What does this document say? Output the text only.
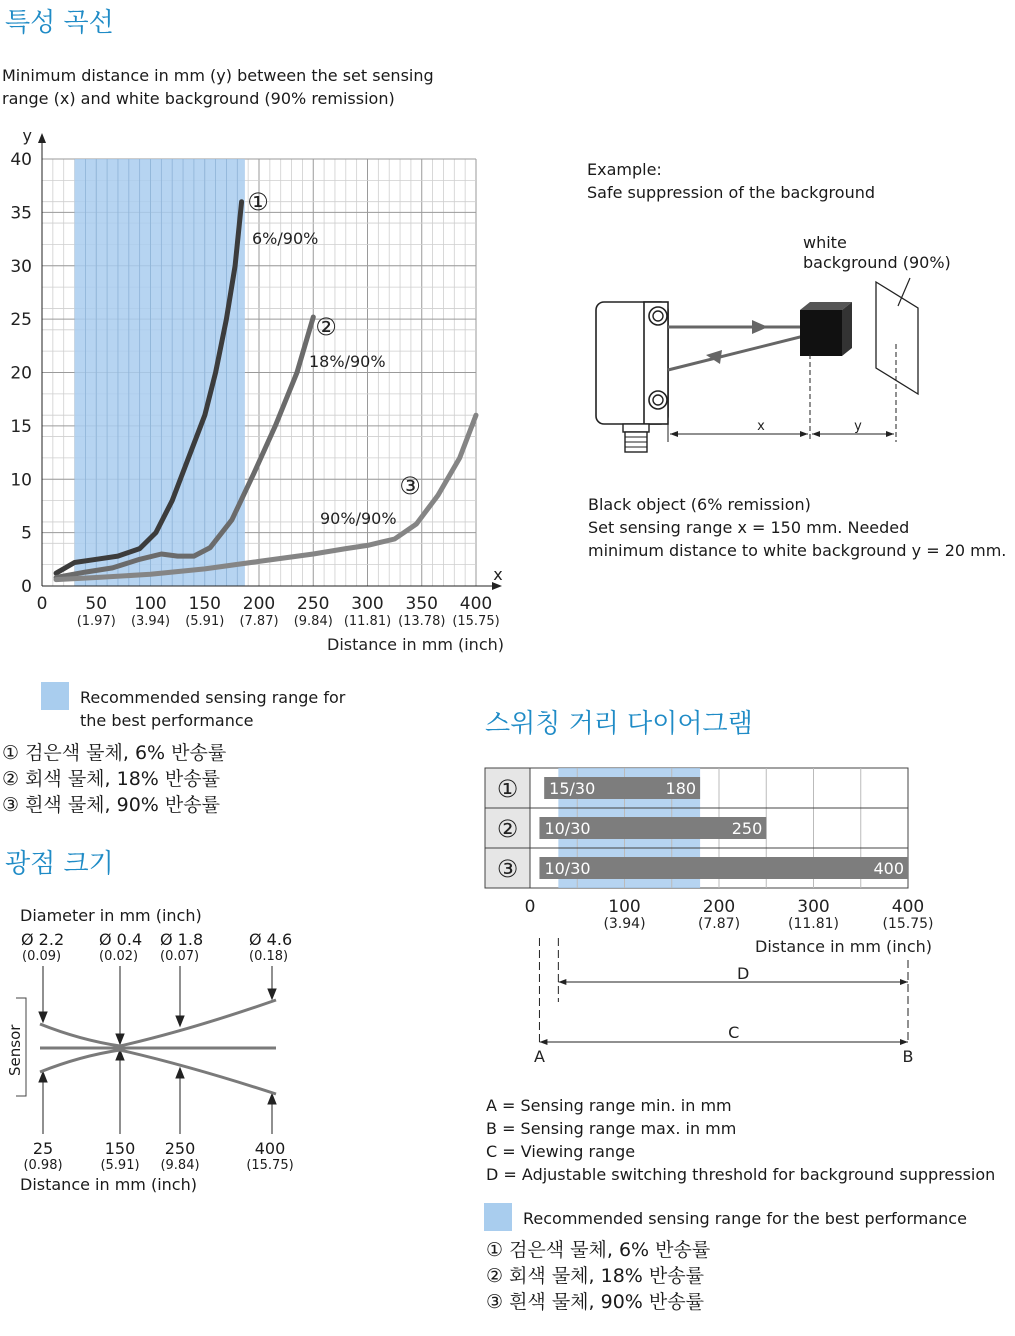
특성 곡선
스위칭 거리 다이어그램
광점 크기
Minimum distance in mm (y) between the set sensing range (x) and white background (90% remission)
y
x
0
5
10
15
20
25
30
35
40
0 50
(1.97)
100
(3.94)
150
(5.91)
200
(7.87)
250
(9.84)
300
(11.81)
350
(13.78)
400
(15.75)
Distance in mm (inch)
①
6%/90%
②
18%/90%
③
90%/90%
Recommended sensing range for the best performance
① 검은색 물체, 6% 반송률
② 회색 물체, 18% 반송률
③ 흰색 물체, 90% 반송률
Example:
Safe suppression of the background
white
background (90%)
x	y
Black object (6% remission)
Set sensing range x = 150 mm. Needed
minimum distance to white background y = 20 mm.
① 15/30	180
② 10/30	250
③ 10/30	400
0	100
(3.94)
200
(7.87)
300
(11.81)
400
(15.75)
Distance in mm (inch)
D
C
A	B
A = Sensing range min. in mm
B = Sensing range max. in mm
C = Viewing range
D = Adjustable switching threshold for background suppression
Recommended sensing range for the best performance
① 검은색 물체, 6% 반송률
② 회색 물체, 18% 반송률
③ 흰색 물체, 90% 반송률
Diameter in mm (inch)
Ø 2.2
(0.09)
Ø 0.4
(0.02)
Ø 1.8
(0.07)
Ø 4.6
(0.18)
Sensor
25
(0.98)
150
(5.91)
250
(9.84)
400
(15.75)
Distance in mm (inch)
